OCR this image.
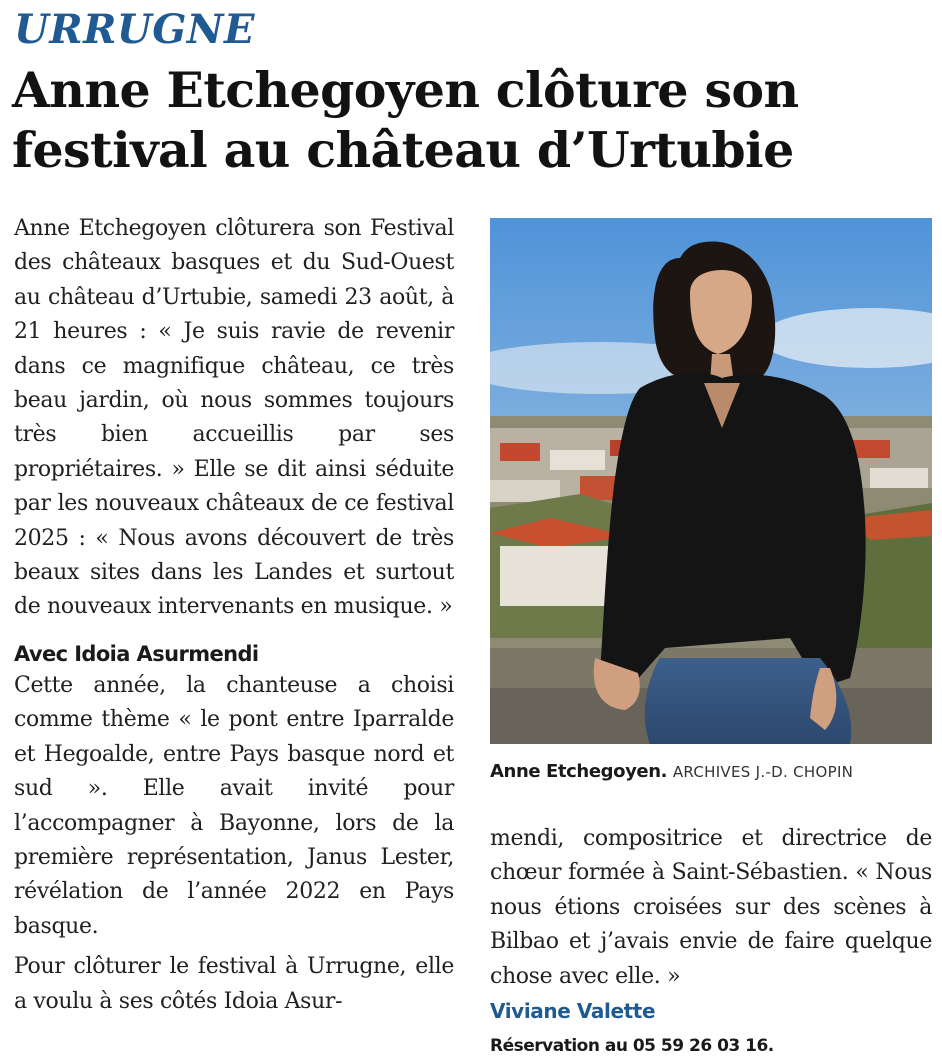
URRUGNE
Anne Etchegoyen clôture son festival au château d’Urtubie

Anne Etchegoyen clôturera son Festival des châteaux basques et du Sud-Ouest au château d’Urtubie, samedi 23 août, à 21 heures : « Je suis ravie de revenir dans ce magnifique château, ce très beau jardin, où nous sommes toujours très bien accueillis par ses propriétaires. » Elle se dit ainsi séduite par les nouveaux châteaux de ce festival 2025 : « Nous avons découvert de très beaux sites dans les Landes et surtout de nouveaux intervenants en musique. »

Avec Idoia Asurmendi

Cette année, la chanteuse a choisi comme thème « le pont entre Iparralde et Hegoalde, entre Pays basque nord et sud ». Elle avait invité pour l’accompagner à Bayonne, lors de la première représentation, Janus Lester, révélation de l’année 2022 en Pays basque.

Pour clôturer le festival à Urrugne, elle a voulu à ses côtés Idoia Asur-

Anne Etchegoyen. ARCHIVES J.-D. CHOPIN

mendi, compositrice et directrice de chœur formée à Saint-Sébastien. « Nous nous étions croisées sur des scènes à Bilbao et j’avais envie de faire quelque chose avec elle. »

Viviane Valette
Réservation au 05 59 26 03 16.
